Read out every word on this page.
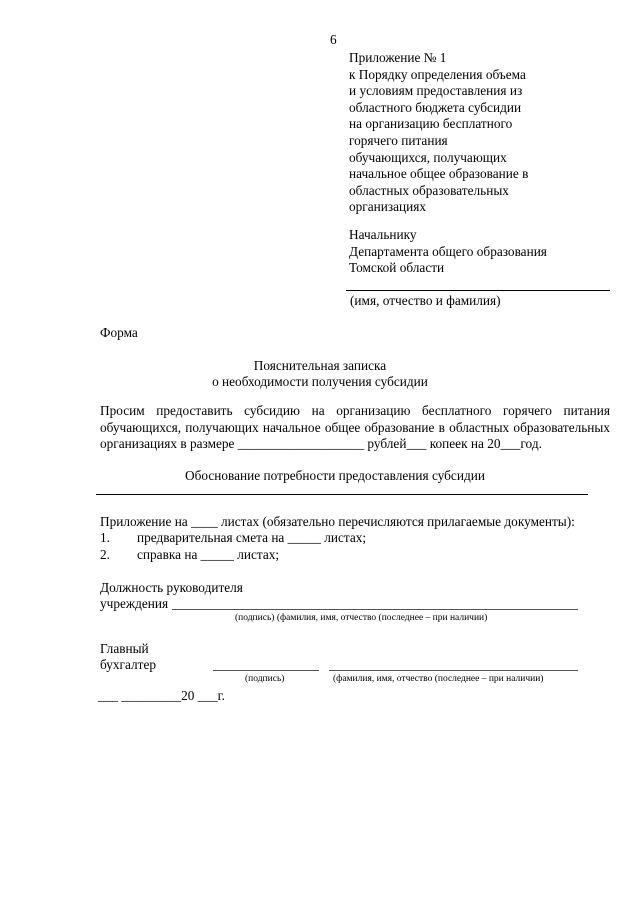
6
Приложение № 1
к Порядку определения объема
и условиям предоставления из
областного бюджета субсидии
на организацию бесплатного
горячего питания
обучающихся, получающих
начальное общее образование в
областных образовательных
организациях
Начальнику
Департамента общего образования
Томской области
(имя, отчество и фамилия)
Форма
Пояснительная записка
о необходимости получения субсидии
Просим предоставить субсидию на организацию бесплатного горячего питания
обучающихся, получающих начальное общее образование в областных образовательных
организациях в размере ___________________ рублей___ копеек на 20___год.
Обоснование потребности предоставления субсидии
Приложение на ____ листах (обязательно перечисляются прилагаемые документы):
1. предварительная смета на _____ листах;
2. справка на _____ листах;
Должность руководителя
учреждения
(подпись) (фамилия, имя, отчество (последнее – при наличии)
Главный
бухгалтер
(подпись)	(фамилия, имя, отчество (последнее – при наличии)
___ _________20 ___г.
